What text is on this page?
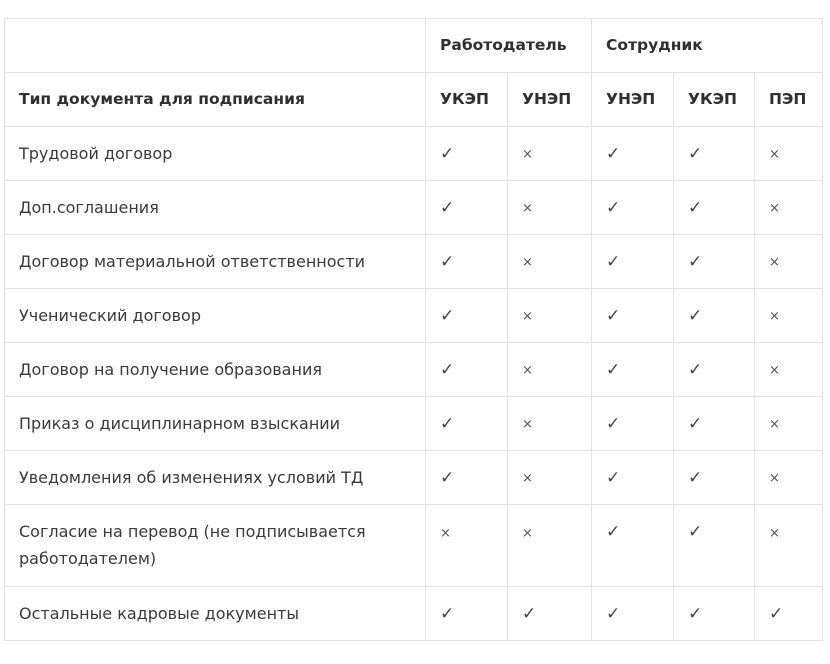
	Работодатель		Сотрудник		
Тип документа для подписания	УКЭП	УНЭП	УНЭП	УКЭП	ПЭП
Трудовой договор	✓	×	✓	✓	×
Доп.соглашения	✓	×	✓	✓	×
Договор материальной ответственности	✓	×	✓	✓	×
Ученический договор	✓	×	✓	✓	×
Договор на получение образования	✓	×	✓	✓	×
Приказ о дисциплинарном взыскании	✓	×	✓	✓	×
Уведомления об изменениях условий ТД	✓	×	✓	✓	×
Согласие на перевод (не подписывается работодателем)	×	×	✓	✓	×
Остальные кадровые документы	✓	✓	✓	✓	✓
